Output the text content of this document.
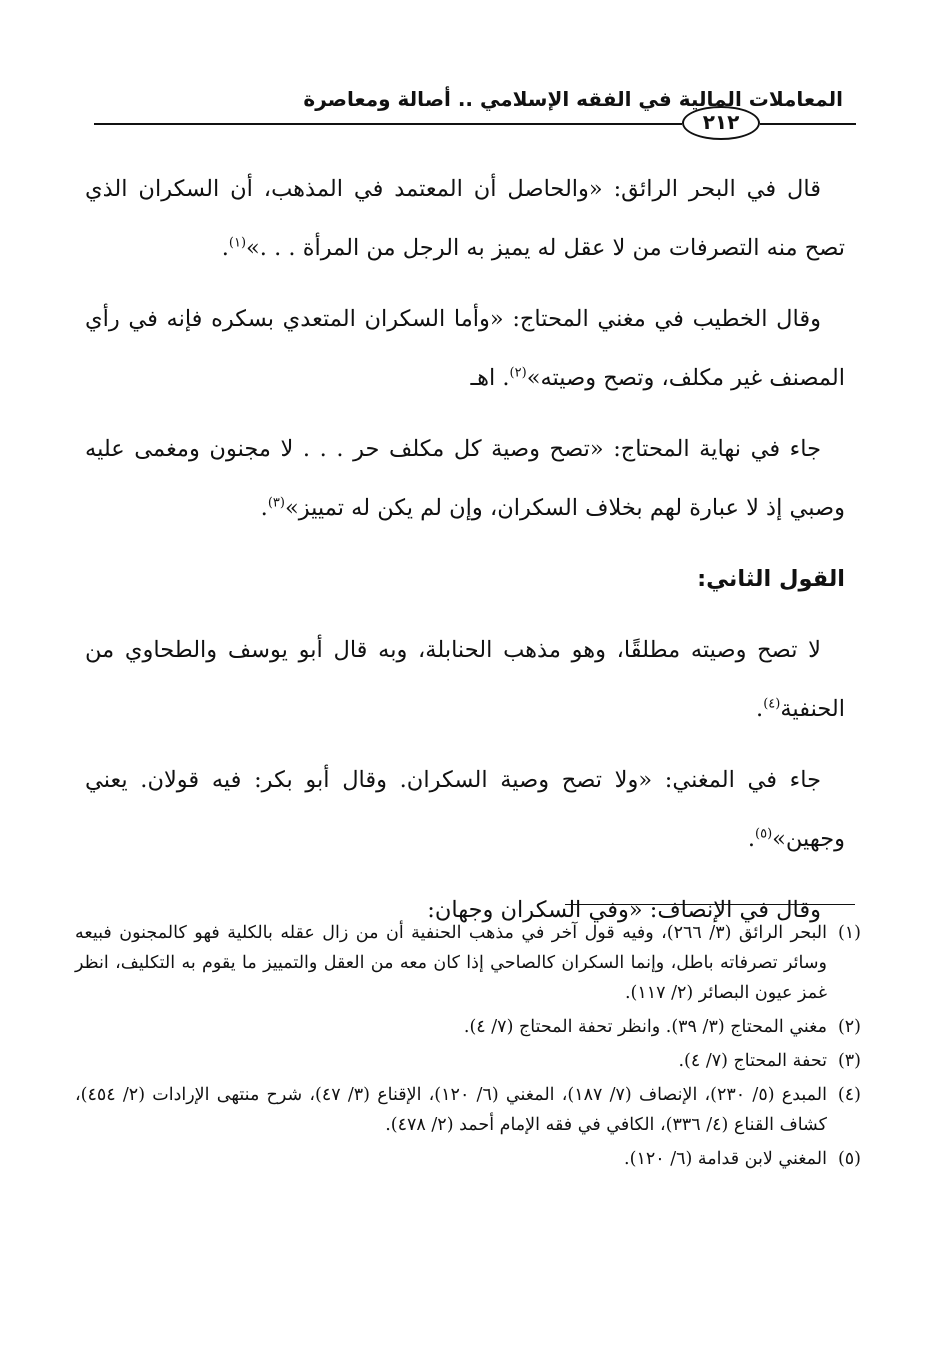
المعاملات المالية في الفقه الإسلامي .. أصالة ومعاصرة
٢١٢

قال في البحر الرائق: «والحاصل أن المعتمد في المذهب، أن السكران الذي تصح منه التصرفات من لا عقل له يميز به الرجل من المرأة . . .»$^{(١)}$.

وقال الخطيب في مغني المحتاج: «وأما السكران المتعدي بسكره فإنه في رأي المصنف غير مكلف، وتصح وصيته»$^{(٢)}$. اهـ

جاء في نهاية المحتاج: «تصح وصية كل مكلف حر . . . لا مجنون ومغمى عليه وصبي إذ لا عبارة لهم بخلاف السكران، وإن لم يكن له تمييز»$^{(٣)}$.

القول الثاني:

لا تصح وصيته مطلقًا، وهو مذهب الحنابلة، وبه قال أبو يوسف والطحاوي من الحنفية$^{(٤)}$.

جاء في المغني: «ولا تصح وصية السكران. وقال أبو بكر: فيه قولان. يعني وجهين»$^{(٥)}$.

وقال في الإنصاف: «وفي السكران وجهان:

(١)البحر الرائق (٣/ ٢٦٦)، وفيه قول آخر في مذهب الحنفية أن من زال عقله بالكلية فهو كالمجنون فبيعه وسائر تصرفاته باطل، وإنما السكران كالصاحي إذا كان معه من العقل والتمييز ما يقوم به التكليف، انظر غمز عيون البصائر (٢/ ١١٧).

(٢)مغني المحتاج (٣/ ٣٩). وانظر تحفة المحتاج (٧/ ٤).

(٣)تحفة المحتاج (٧/ ٤).

(٤)المبدع (٥/ ٢٣٠)، الإنصاف (٧/ ١٨٧)، المغني (٦/ ١٢٠)، الإقناع (٣/ ٤٧)، شرح منتهى الإرادات (٢/ ٤٥٤)، كشاف القناع (٤/ ٣٣٦)، الكافي في فقه الإمام أحمد (٢/ ٤٧٨).

(٥)المغني لابن قدامة (٦/ ١٢٠).
